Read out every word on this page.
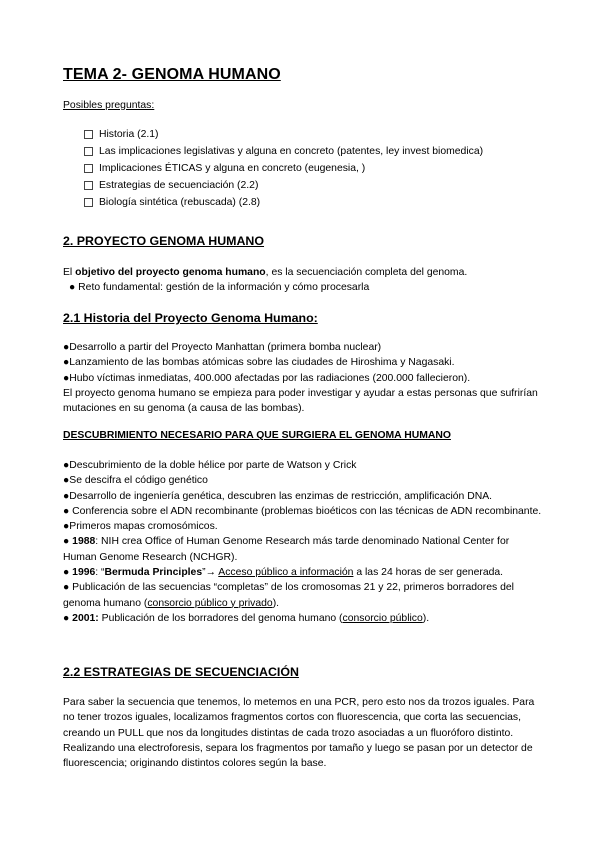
TEMA 2- GENOMA HUMANO
Posibles preguntas:
Historia (2.1)
Las implicaciones legislativas y alguna en concreto (patentes, ley invest biomedica)
Implicaciones ÉTICAS y alguna en concreto (eugenesia, )
Estrategias de secuenciación (2.2)
Biología sintética (rebuscada) (2.8)
2. PROYECTO GENOMA HUMANO

El objetivo del proyecto genoma humano, es la secuenciación completa del genoma.

● Reto fundamental: gestión de la información y cómo procesarla

2.1 Historia del Proyecto Genoma Humano:

●Desarrollo a partir del Proyecto Manhattan (primera bomba nuclear)

●Lanzamiento de las bombas atómicas sobre las ciudades de Hiroshima y Nagasaki.

●Hubo víctimas inmediatas, 400.000 afectadas por las radiaciones (200.000 fallecieron).

El proyecto genoma humano se empieza para poder investigar y ayudar a estas personas que sufrirían mutaciones en su genoma (a causa de las bombas).

DESCUBRIMIENTO NECESARIO PARA QUE SURGIERA EL GENOMA HUMANO

●Descubrimiento de la doble hélice por parte de Watson y Crick

●Se descifra el código genético

●Desarrollo de ingeniería genética, descubren las enzimas de restricción, amplificación DNA.

● Conferencia sobre el ADN recombinante (problemas bioéticos con las técnicas de ADN recombinante.

●Primeros mapas cromosómicos.

● 1988: NIH crea Office of Human Genome Research más tarde denominado National Center for Human Genome Research (NCHGR).

● 1996: “Bermuda Principles”→ Acceso público a información a las 24 horas de ser generada.

● Publicación de las secuencias “completas” de los cromosomas 21 y 22, primeros borradores del genoma humano (consorcio público y privado).

● 2001: Publicación de los borradores del genoma humano (consorcio público).

2.2 ESTRATEGIAS DE SECUENCIACIÓN

Para saber la secuencia que tenemos, lo metemos en una PCR, pero esto nos da trozos iguales. Para no tener trozos iguales, localizamos fragmentos cortos con fluorescencia, que corta las secuencias, creando un PULL que nos da longitudes distintas de cada trozo asociadas a un fluoróforo distinto.

Realizando una electroforesis, separa los fragmentos por tamaño y luego se pasan por un detector de fluorescencia; originando distintos colores según la base.
